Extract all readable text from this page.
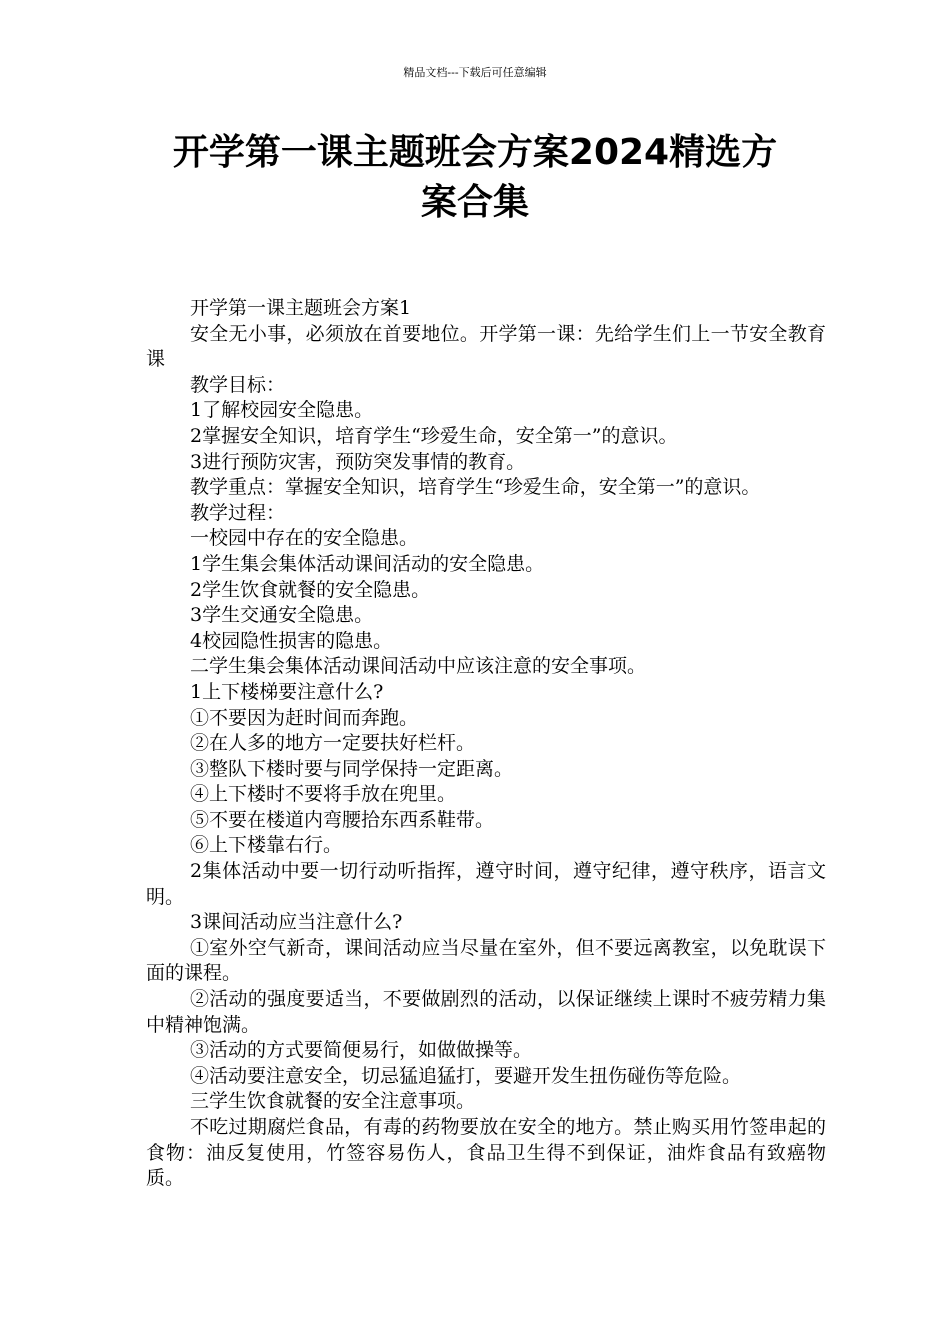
精品文档---下载后可任意编辑
开学第一课主题班会方案2024精选方
案合集

开学第一课主题班会方案1

安全无小事，必须放在首要地位。开学第一课：先给学生们上一节安全教育课

教学目标：

1了解校园安全隐患。

2掌握安全知识，培育学生“珍爱生命，安全第一”的意识。

3进行预防灾害，预防突发事情的教育。

教学重点：掌握安全知识，培育学生“珍爱生命，安全第一”的意识。

教学过程：

一校园中存在的安全隐患。

1学生集会集体活动课间活动的安全隐患。

2学生饮食就餐的安全隐患。

3学生交通安全隐患。

4校园隐性损害的隐患。

二学生集会集体活动课间活动中应该注意的安全事项。

1上下楼梯要注意什么?

①不要因为赶时间而奔跑。

②在人多的地方一定要扶好栏杆。

③整队下楼时要与同学保持一定距离。

④上下楼时不要将手放在兜里。

⑤不要在楼道内弯腰拾东西系鞋带。

⑥上下楼靠右行。

2集体活动中要一切行动听指挥，遵守时间，遵守纪律，遵守秩序，语言文明。

3课间活动应当注意什么?

①室外空气新奇，课间活动应当尽量在室外，但不要远离教室，以免耽误下面的课程。

②活动的强度要适当，不要做剧烈的活动，以保证继续上课时不疲劳精力集中精神饱满。

③活动的方式要简便易行，如做做操等。

④活动要注意安全，切忌猛追猛打，要避开发生扭伤碰伤等危险。

三学生饮食就餐的安全注意事项。

不吃过期腐烂食品，有毒的药物要放在安全的地方。禁止购买用竹签串起的食物：油反复使用，竹签容易伤人，食品卫生得不到保证，油炸食品有致癌物质。
